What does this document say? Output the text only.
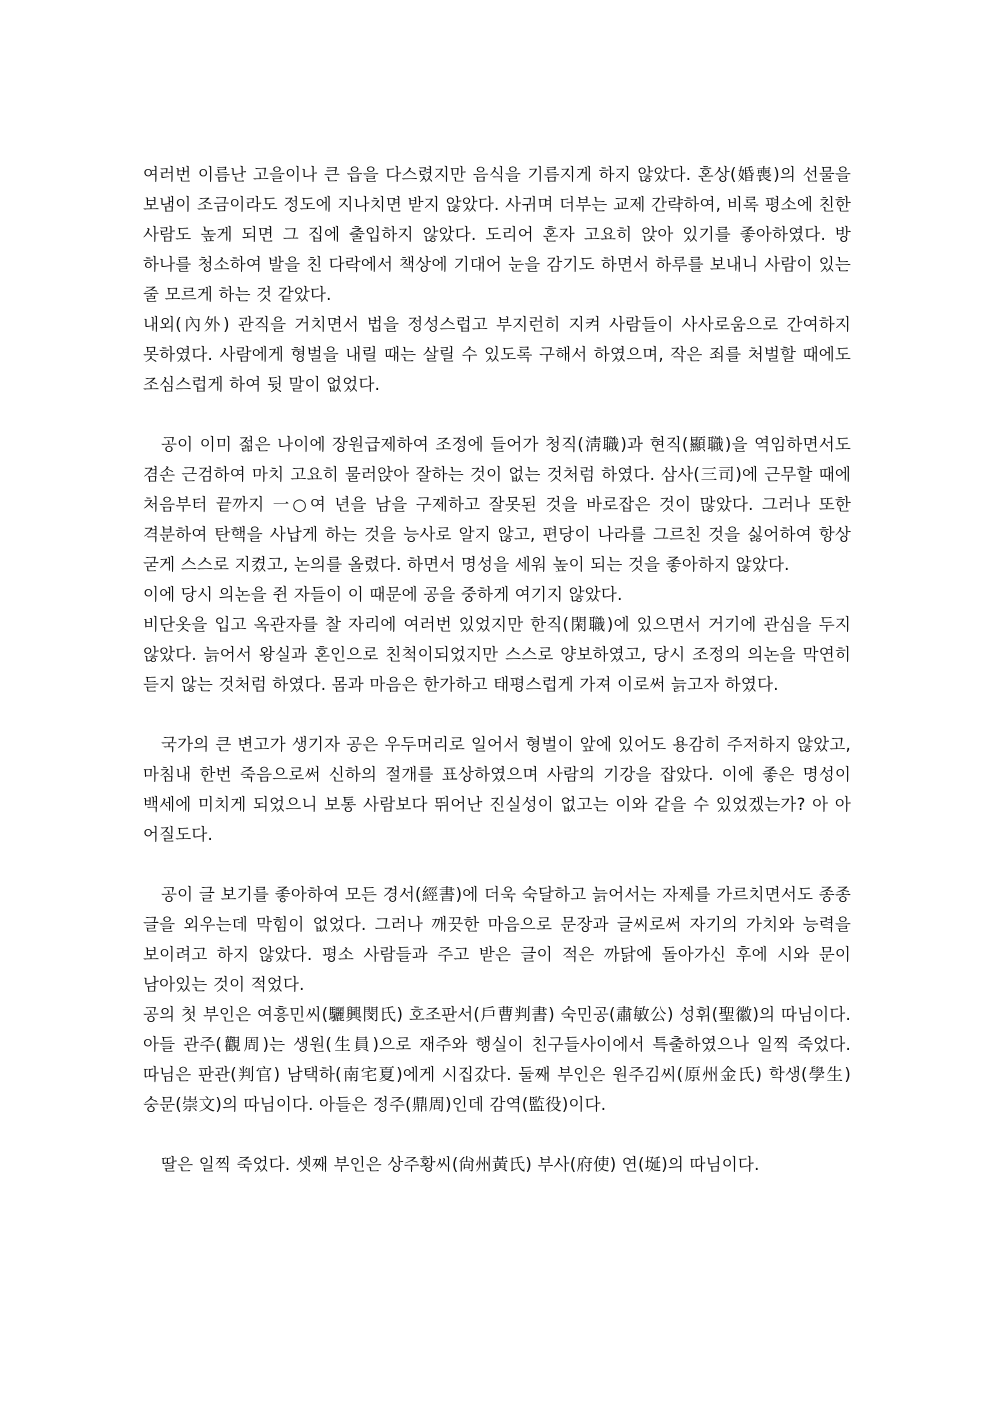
여러번 이름난 고을이나 큰 읍을 다스렸지만 음식을 기름지게 하지 않았다. 혼상(婚喪)의 선물을 보냄이 조금이라도 정도에 지나치면 받지 않았다. 사귀며 더부는 교제 간략하여, 비록 평소에 친한 사람도 높게 되면 그 집에 출입하지 않았다. 도리어 혼자 고요히 앉아 있기를 좋아하였다. 방 하나를 청소하여 발을 친 다락에서 책상에 기대어 눈을 감기도 하면서 하루를 보내니 사람이 있는 줄 모르게 하는 것 같았다.

내외(內外) 관직을 거치면서 법을 정성스럽고 부지런히 지켜 사람들이 사사로움으로 간여하지 못하였다. 사람에게 형벌을 내릴 때는 살릴 수 있도록 구해서 하였으며, 작은 죄를 처벌할 때에도 조심스럽게 하여 뒷 말이 없었다.

공이 이미 젊은 나이에 장원급제하여 조정에 들어가 청직(淸職)과 현직(顯職)을 역임하면서도 겸손 근검하여 마치 고요히 물러앉아 잘하는 것이 없는 것처럼 하였다. 삼사(三司)에 근무할 때에 처음부터 끝까지 一○여 년을 남을 구제하고 잘못된 것을 바로잡은 것이 많았다. 그러나 또한 격분하여 탄핵을 사납게 하는 것을 능사로 알지 않고, 편당이 나라를 그르친 것을 싫어하여 항상 굳게 스스로 지켰고, 논의를 올렸다. 하면서 명성을 세워 높이 되는 것을 좋아하지 않았다.

이에 당시 의논을 쥔 자들이 이 때문에 공을 중하게 여기지 않았다.

비단옷을 입고 옥관자를 찰 자리에 여러번 있었지만 한직(閑職)에 있으면서 거기에 관심을 두지 않았다. 늙어서 왕실과 혼인으로 친척이되었지만 스스로 양보하였고, 당시 조정의 의논을 막연히 듣지 않는 것처럼 하였다. 몸과 마음은 한가하고 태평스럽게 가져 이로써 늙고자 하였다.

국가의 큰 변고가 생기자 공은 우두머리로 일어서 형벌이 앞에 있어도 용감히 주저하지 않았고, 마침내 한번 죽음으로써 신하의 절개를 표상하였으며 사람의 기강을 잡았다. 이에 좋은 명성이 백세에 미치게 되었으니 보통 사람보다 뛰어난 진실성이 없고는 이와 같을 수 있었겠는가? 아 아 어질도다.

공이 글 보기를 좋아하여 모든 경서(經書)에 더욱 숙달하고 늙어서는 자제를 가르치면서도 종종 글을 외우는데 막힘이 없었다. 그러나 깨끗한 마음으로 문장과 글씨로써 자기의 가치와 능력을 보이려고 하지 않았다. 평소 사람들과 주고 받은 글이 적은 까닭에 돌아가신 후에 시와 문이 남아있는 것이 적었다.

공의 첫 부인은 여흥민씨(驪興閔氏) 호조판서(戶曹判書) 숙민공(肅敏公) 성휘(聖徽)의 따님이다. 아들 관주(觀周)는 생원(生員)으로 재주와 행실이 친구들사이에서 특출하였으나 일찍 죽었다. 따님은 판관(判官) 남택하(南宅夏)에게 시집갔다. 둘째 부인은 원주김씨(原州金氏) 학생(學生) 숭문(崇文)의 따님이다. 아들은 정주(鼎周)인데 감역(監役)이다.

딸은 일찍 죽었다. 셋째 부인은 상주황씨(尙州黃氏) 부사(府使) 연(埏)의 따님이다.
